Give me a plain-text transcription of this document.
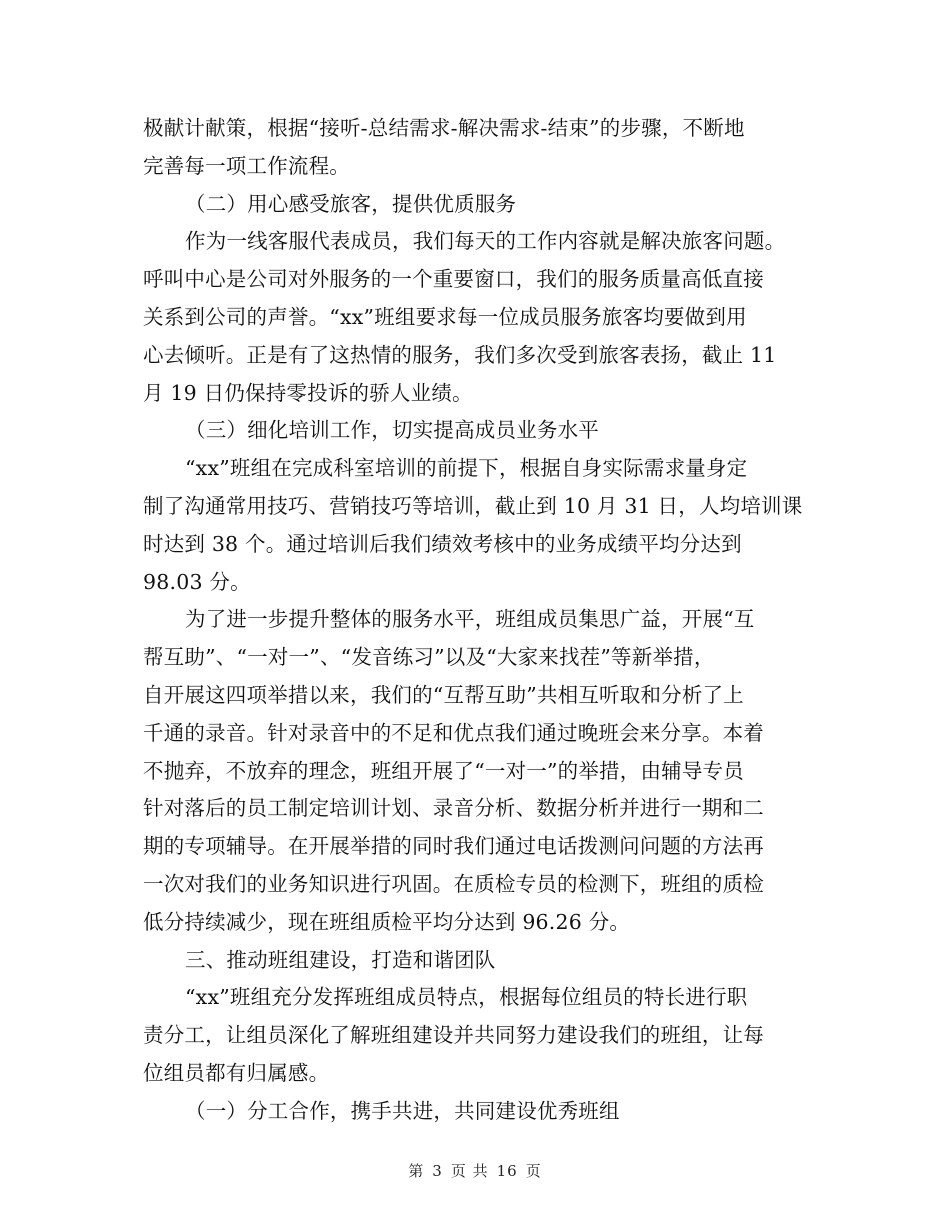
极献计献策，根据“接听-总结需求-解决需求-结束”的步骤，不断地
完善每一项工作流程。

（二）用心感受旅客，提供优质服务

作为一线客服代表成员，我们每天的工作内容就是解决旅客问题。

呼叫中心是公司对外服务的一个重要窗口，我们的服务质量高低直接
关系到公司的声誉。“xx”班组要求每一位成员服务旅客均要做到用
心去倾听。正是有了这热情的服务，我们多次受到旅客表扬，截止 11
月 19 日仍保持零投诉的骄人业绩。

（三）细化培训工作，切实提高成员业务水平

“xx”班组在完成科室培训的前提下，根据自身实际需求量身定

制了沟通常用技巧、营销技巧等培训，截止到 10 月 31 日，人均培训课
时达到 38 个。通过培训后我们绩效考核中的业务成绩平均分达到
98.03 分。

为了进一步提升整体的服务水平，班组成员集思广益，开展“互

帮互助”、“一对一”、“发音练习”以及“大家来找茬”等新举措，
自开展这四项举措以来，我们的“互帮互助”共相互听取和分析了上
千通的录音。针对录音中的不足和优点我们通过晚班会来分享。本着
不抛弃，不放弃的理念，班组开展了“一对一”的举措，由辅导专员
针对落后的员工制定培训计划、录音分析、数据分析并进行一期和二
期的专项辅导。在开展举措的同时我们通过电话拨测问问题的方法再
一次对我们的业务知识进行巩固。在质检专员的检测下，班组的质检
低分持续减少，现在班组质检平均分达到 96.26 分。

三、推动班组建设，打造和谐团队

“xx”班组充分发挥班组成员特点，根据每位组员的特长进行职

责分工，让组员深化了解班组建设并共同努力建设我们的班组，让每
位组员都有归属感。

（一）分工合作，携手共进，共同建设优秀班组

第 3 页 共 16 页
